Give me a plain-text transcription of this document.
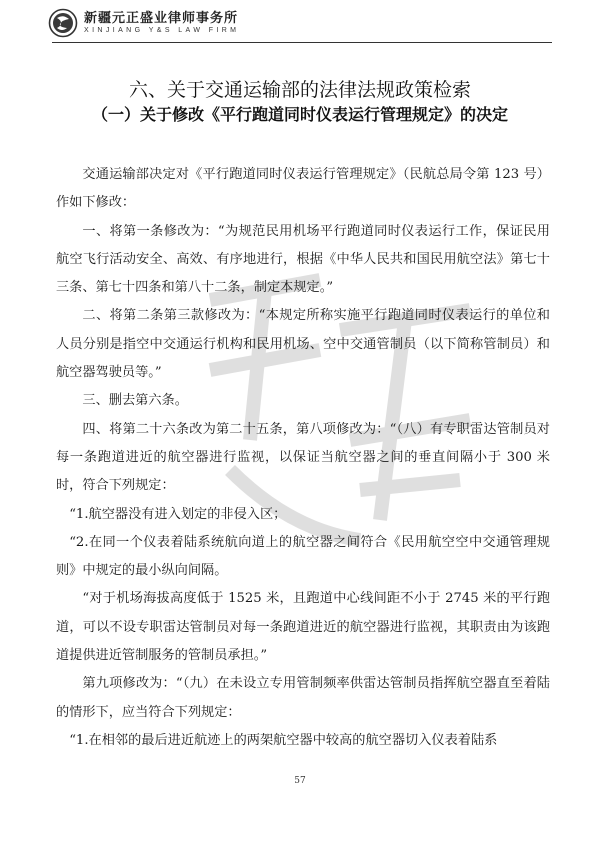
新疆元正盛业律师事务所
XINJIANG Y&S LAW FIRM
六、关于交通运输部的法律法规政策检索
（一）关于修改《平行跑道同时仪表运行管理规定》的决定

交通运输部决定对《平行跑道同时仪表运行管理规定》（民航总局令第 123 号）作如下修改：

一、将第一条修改为：“为规范民用机场平行跑道同时仪表运行工作，保证民用航空飞行活动安全、高效、有序地进行，根据《中华人民共和国民用航空法》第七十三条、第七十四条和第八十二条，制定本规定。”

二、将第二条第三款修改为：“本规定所称实施平行跑道同时仪表运行的单位和人员分别是指空中交通运行机构和民用机场、空中交通管制员（以下简称管制员）和航空器驾驶员等。”

三、删去第六条。

四、将第二十六条改为第二十五条，第八项修改为：“（八）有专职雷达管制员对每一条跑道进近的航空器进行监视，以保证当航空器之间的垂直间隔小于 300 米时，符合下列规定：

“1.航空器没有进入划定的非侵入区；

“2.在同一个仪表着陆系统航向道上的航空器之间符合《民用航空空中交通管理规则》中规定的最小纵向间隔。

“对于机场海拔高度低于 1525 米，且跑道中心线间距不小于 2745 米的平行跑道，可以不设专职雷达管制员对每一条跑道进近的航空器进行监视，其职责由为该跑道提供进近管制服务的管制员承担。”

第九项修改为：“（九）在未设立专用管制频率供雷达管制员指挥航空器直至着陆的情形下，应当符合下列规定：

“1.在相邻的最后进近航迹上的两架航空器中较高的航空器切入仪表着陆系

57
